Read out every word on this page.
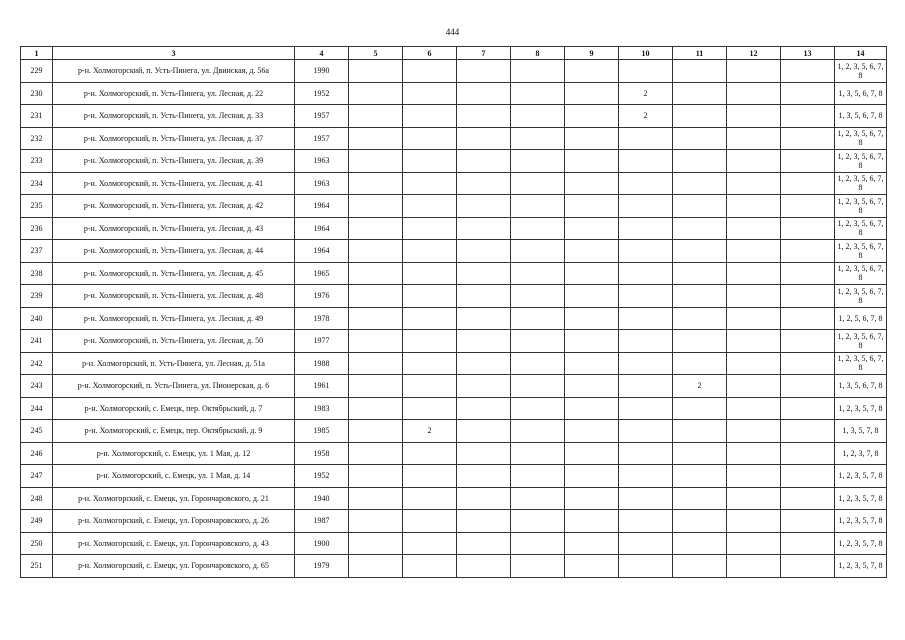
444
1	3	4	5	6	7	8	9	10	11	12	13	14
229	р-н. Холмогорский, п. Усть-Пинега, ул. Двинская, д. 56а	1990										1, 2, 3, 5, 6, 7, 8
230	р-н. Холмогорский, п. Усть-Пинега, ул. Лесная, д. 22	1952						2				1, 3, 5, 6, 7, 8
231	р-н. Холмогорский, п. Усть-Пинега, ул. Лесная, д. 33	1957						2				1, 3, 5, 6, 7, 8
232	р-н. Холмогорский, п. Усть-Пинега, ул. Лесная, д. 37	1957										1, 2, 3, 5, 6, 7, 8
233	р-н. Холмогорский, п. Усть-Пинега, ул. Лесная, д. 39	1963										1, 2, 3, 5, 6, 7, 8
234	р-н. Холмогорский, п. Усть-Пинега, ул. Лесная, д. 41	1963										1, 2, 3, 5, 6, 7, 8
235	р-н. Холмогорский, п. Усть-Пинега, ул. Лесная, д. 42	1964										1, 2, 3, 5, 6, 7, 8
236	р-н. Холмогорский, п. Усть-Пинега, ул. Лесная, д. 43	1964										1, 2, 3, 5, 6, 7, 8
237	р-н. Холмогорский, п. Усть-Пинега, ул. Лесная, д. 44	1964										1, 2, 3, 5, 6, 7, 8
238	р-н. Холмогорский, п. Усть-Пинега, ул. Лесная, д. 45	1965										1, 2, 3, 5, 6, 7, 8
239	р-н. Холмогорский, п. Усть-Пинега, ул. Лесная, д. 48	1976										1, 2, 3, 5, 6, 7, 8
240	р-н. Холмогорский, п. Усть-Пинега, ул. Лесная, д. 49	1978										1, 2, 5, 6, 7, 8
241	р-н. Холмогорский, п. Усть-Пинега, ул. Лесная, д. 50	1977										1, 2, 3, 5, 6, 7, 8
242	р-н. Холмогорский, п. Усть-Пинега, ул. Лесная, д. 51а	1988										1, 2, 3, 5, 6, 7, 8
243	р-н. Холмогорский, п. Усть-Пинега, ул. Пионерская, д. 6	1961							2			1, 3, 5, 6, 7, 8
244	р-н. Холмогорский, с. Емецк, пер. Октябрьский, д. 7	1983										1, 2, 3, 5, 7, 8
245	р-н. Холмогорский, с. Емецк, пер. Октябрьский, д. 9	1985		2								1, 3, 5, 7, 8
246	р-н. Холмогорский, с. Емецк, ул. 1 Мая, д. 12	1958										1, 2, 3, 7, 8
247	р-н. Холмогорский, с. Емецк, ул. 1 Мая, д. 14	1952										1, 2, 3, 5, 7, 8
248	р-н. Холмогорский, с. Емецк, ул. Горончаровского, д. 21	1940										1, 2, 3, 5, 7, 8
249	р-н. Холмогорский, с. Емецк, ул. Горончаровского, д. 26	1987										1, 2, 3, 5, 7, 8
250	р-н. Холмогорский, с. Емецк, ул. Горончаровского, д. 43	1900										1, 2, 3, 5, 7, 8
251	р-н. Холмогорский, с. Емецк, ул. Горончаровского, д. 65	1979										1, 2, 3, 5, 7, 8
